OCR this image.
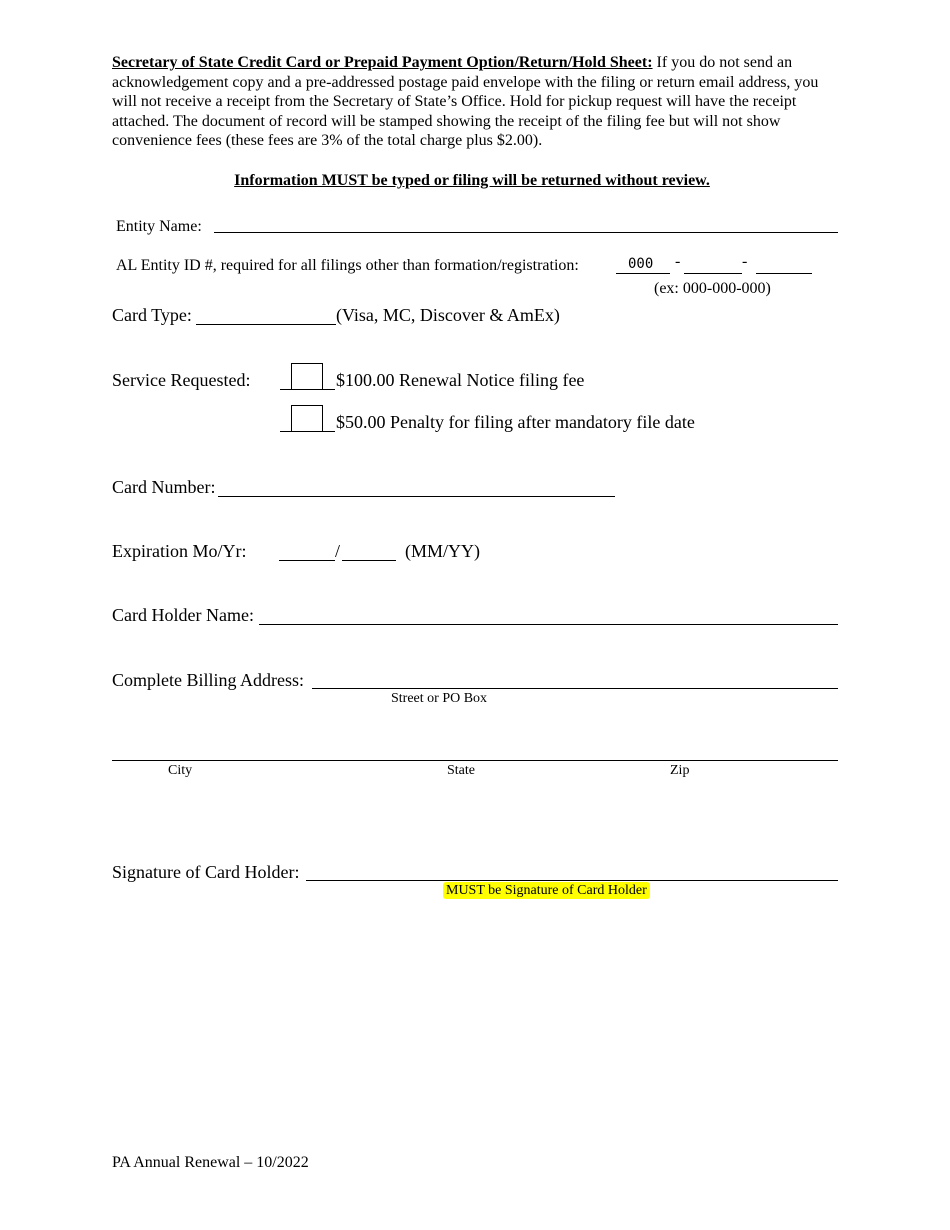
Secretary of State Credit Card or Prepaid Payment Option/Return/Hold Sheet: If you do not send an acknowledgement copy and a pre-addressed postage paid envelope with the filing or return email address, you will not receive a receipt from the Secretary of State’s Office. Hold for pickup request will have the receipt attached. The document of record will be stamped showing the receipt of the filing fee but will not show convenience fees (these fees are 3% of the total charge plus $2.00).
Information MUST be typed or filing will be returned without review.
Entity Name:
AL Entity ID #, required for all filings other than formation/registration:	000 -	-
(ex: 000-000-000)
Card Type:	(Visa, MC, Discover & AmEx)
Service Requested:	$100.00 Renewal Notice filing fee
$50.00 Penalty for filing after mandatory file date
Card Number:
Expiration Mo/Yr:	/	(MM/YY)
Card Holder Name:
Complete Billing Address:
Street or PO Box
City	State	Zip
Signature of Card Holder:
MUST be Signature of Card Holder
PA Annual Renewal – 10/2022
